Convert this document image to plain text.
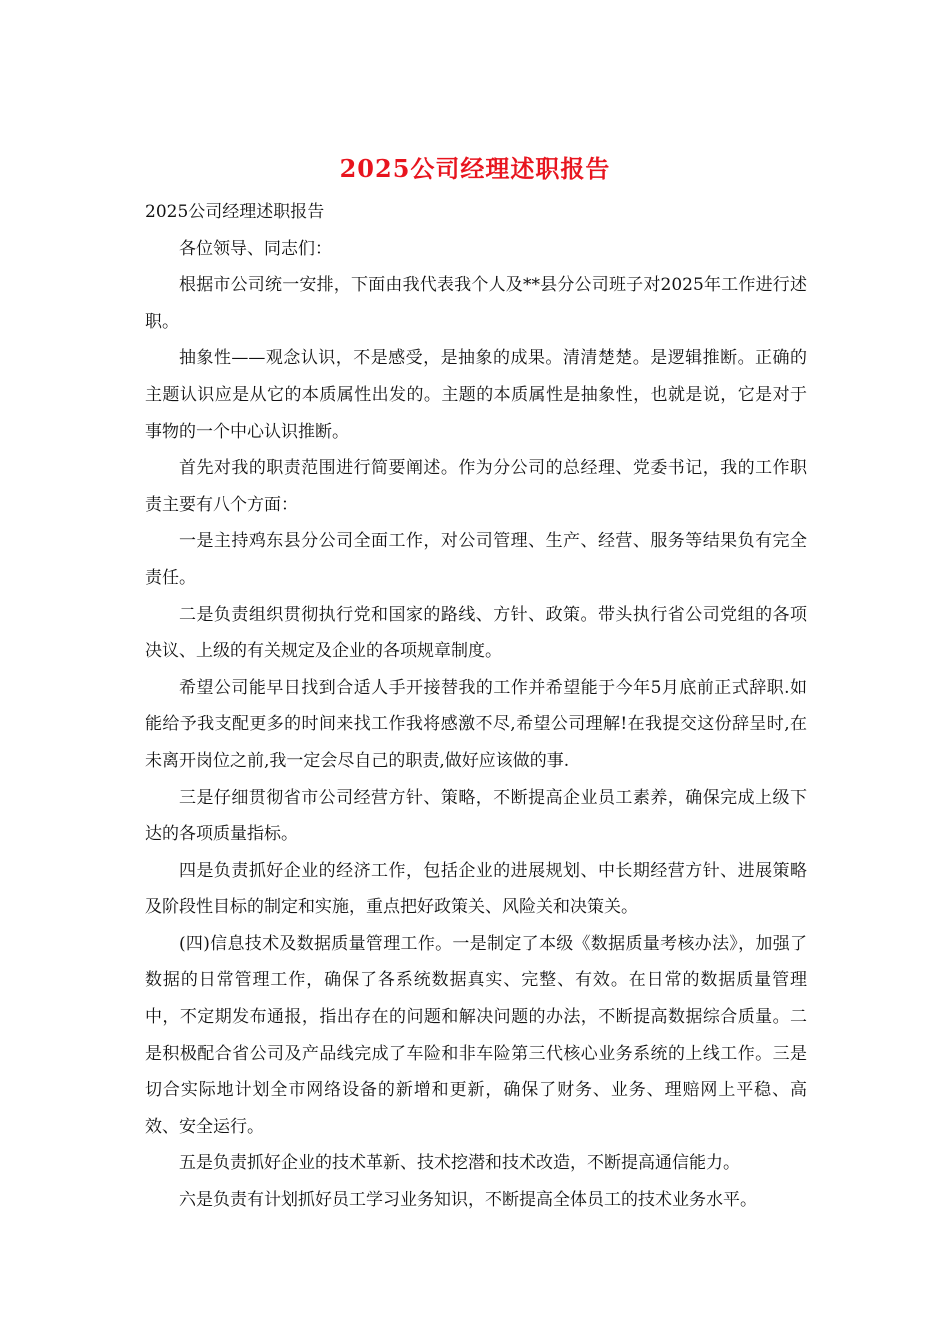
2025公司经理述职报告

2025公司经理述职报告

各位领导、同志们：

根据市公司统一安排，下面由我代表我个人及**县分公司班子对2025年工作进行述职。

抽象性——观念认识，不是感受，是抽象的成果。清清楚楚。是逻辑推断。正确的主题认识应是从它的本质属性出发的。主题的本质属性是抽象性，也就是说，它是对于事物的一个中心认识推断。

首先对我的职责范围进行简要阐述。作为分公司的总经理、党委书记，我的工作职责主要有八个方面：

一是主持鸡东县分公司全面工作，对公司管理、生产、经营、服务等结果负有完全责任。

二是负责组织贯彻执行党和国家的路线、方针、政策。带头执行省公司党组的各项决议、上级的有关规定及企业的各项规章制度。

希望公司能早日找到合适人手开接替我的工作并希望能于今年5月底前正式辞职.如能给予我支配更多的时间来找工作我将感激不尽,希望公司理解!在我提交这份辞呈时,在未离开岗位之前,我一定会尽自己的职责,做好应该做的事.

三是仔细贯彻省市公司经营方针、策略，不断提高企业员工素养，确保完成上级下达的各项质量指标。

四是负责抓好企业的经济工作，包括企业的进展规划、中长期经营方针、进展策略及阶段性目标的制定和实施，重点把好政策关、风险关和决策关。

(四)信息技术及数据质量管理工作。一是制定了本级《数据质量考核办法》，加强了数据的日常管理工作，确保了各系统数据真实、完整、有效。在日常的数据质量管理中，不定期发布通报，指出存在的问题和解决问题的办法，不断提高数据综合质量。二是积极配合省公司及产品线完成了车险和非车险第三代核心业务系统的上线工作。三是切合实际地计划全市网络设备的新增和更新，确保了财务、业务、理赔网上平稳、高效、安全运行。

五是负责抓好企业的技术革新、技术挖潜和技术改造，不断提高通信能力。

六是负责有计划抓好员工学习业务知识，不断提高全体员工的技术业务水平。
